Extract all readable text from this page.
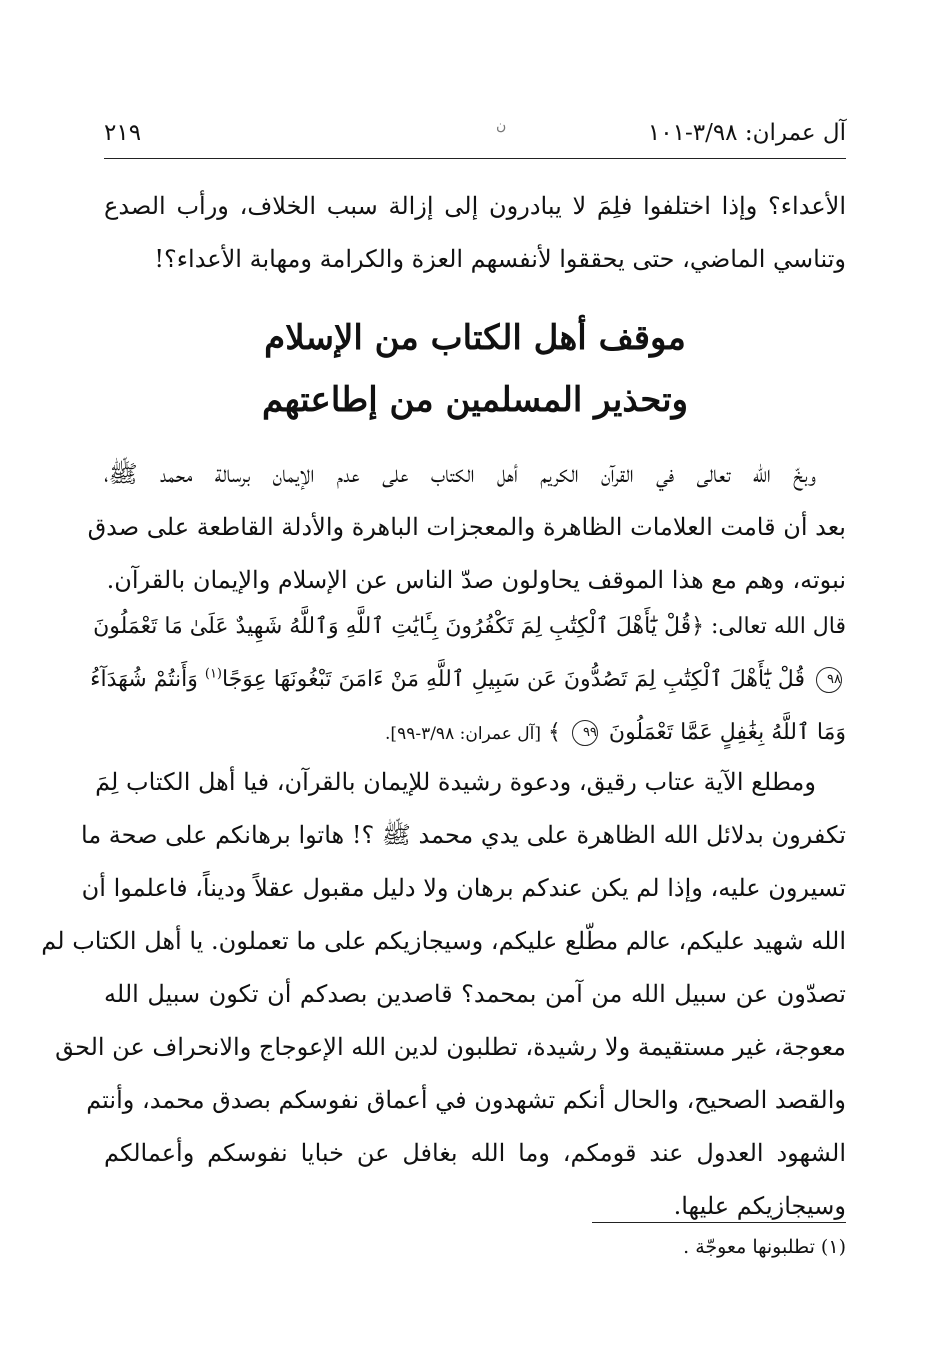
آل عمران: ٣/٩٨-١٠١
ﻥ
٢١٩
الأعداء؟ وإذا اختلفوا فلِمَ لا يبادرون إلى إزالة سبب الخلاف، ورأب الصدع
وتناسي الماضي، حتى يحققوا لأنفسهم العزة والكرامة ومهابة الأعداء؟!
موقف أهل الكتاب من الإسلام
وتحذير المسلمين من إطاعتهم
وبخّ الله تعالى في القرآن الكريم أهل الكتاب على عدم الإيمان برسالة محمد ﷺ،
بعد أن قامت العلامات الظاهرة والمعجزات الباهرة والأدلة القاطعة على صدق
نبوته، وهم مع هذا الموقف يحاولون صدّ الناس عن الإسلام والإيمان بالقرآن.
قال الله تعالى: ﴿قُلْ يَٰٓأَهْلَ ٱلْكِتَٰبِ لِمَ تَكْفُرُونَ بِـَٔايَٰتِ ٱللَّهِ وَٱللَّهُ شَهِيدٌ عَلَىٰ مَا تَعْمَلُونَ
٩٨ قُلْ يَٰٓأَهْلَ ٱلْكِتَٰبِ لِمَ تَصُدُّونَ عَن سَبِيلِ ٱللَّهِ مَنْ ءَامَنَ تَبْغُونَهَا عِوَجًا$^{(١)}$ وَأَنتُمْ شُهَدَآءُ
وَمَا ٱللَّهُ بِغَٰفِلٍ عَمَّا تَعْمَلُونَ ٩٩ ﴾ [آل عمران: ٣/٩٨-٩٩].
ومطلع الآية عتاب رقيق، ودعوة رشيدة للإيمان بالقرآن، فيا أهل الكتاب لِمَ
تكفرون بدلائل الله الظاهرة على يدي محمد ﷺ ؟! هاتوا برهانكم على صحة ما
تسيرون عليه، وإذا لم يكن عندكم برهان ولا دليل مقبول عقلاً وديناً، فاعلموا أن
الله شهيد عليكم، عالم مطّلع عليكم، وسيجازيكم على ما تعملون. يا أهل الكتاب لم
تصدّون عن سبيل الله من آمن بمحمد؟ قاصدين بصدكم أن تكون سبيل الله
معوجة، غير مستقيمة ولا رشيدة، تطلبون لدين الله الإعوجاج والانحراف عن الحق
والقصد الصحيح، والحال أنكم تشهدون في أعماق نفوسكم بصدق محمد، وأنتم
الشهود العدول عند قومكم، وما الله بغافل عن خبايا نفوسكم وأعمالكم
وسيجازيكم عليها.
(١) تطلبونها معوجّة .
